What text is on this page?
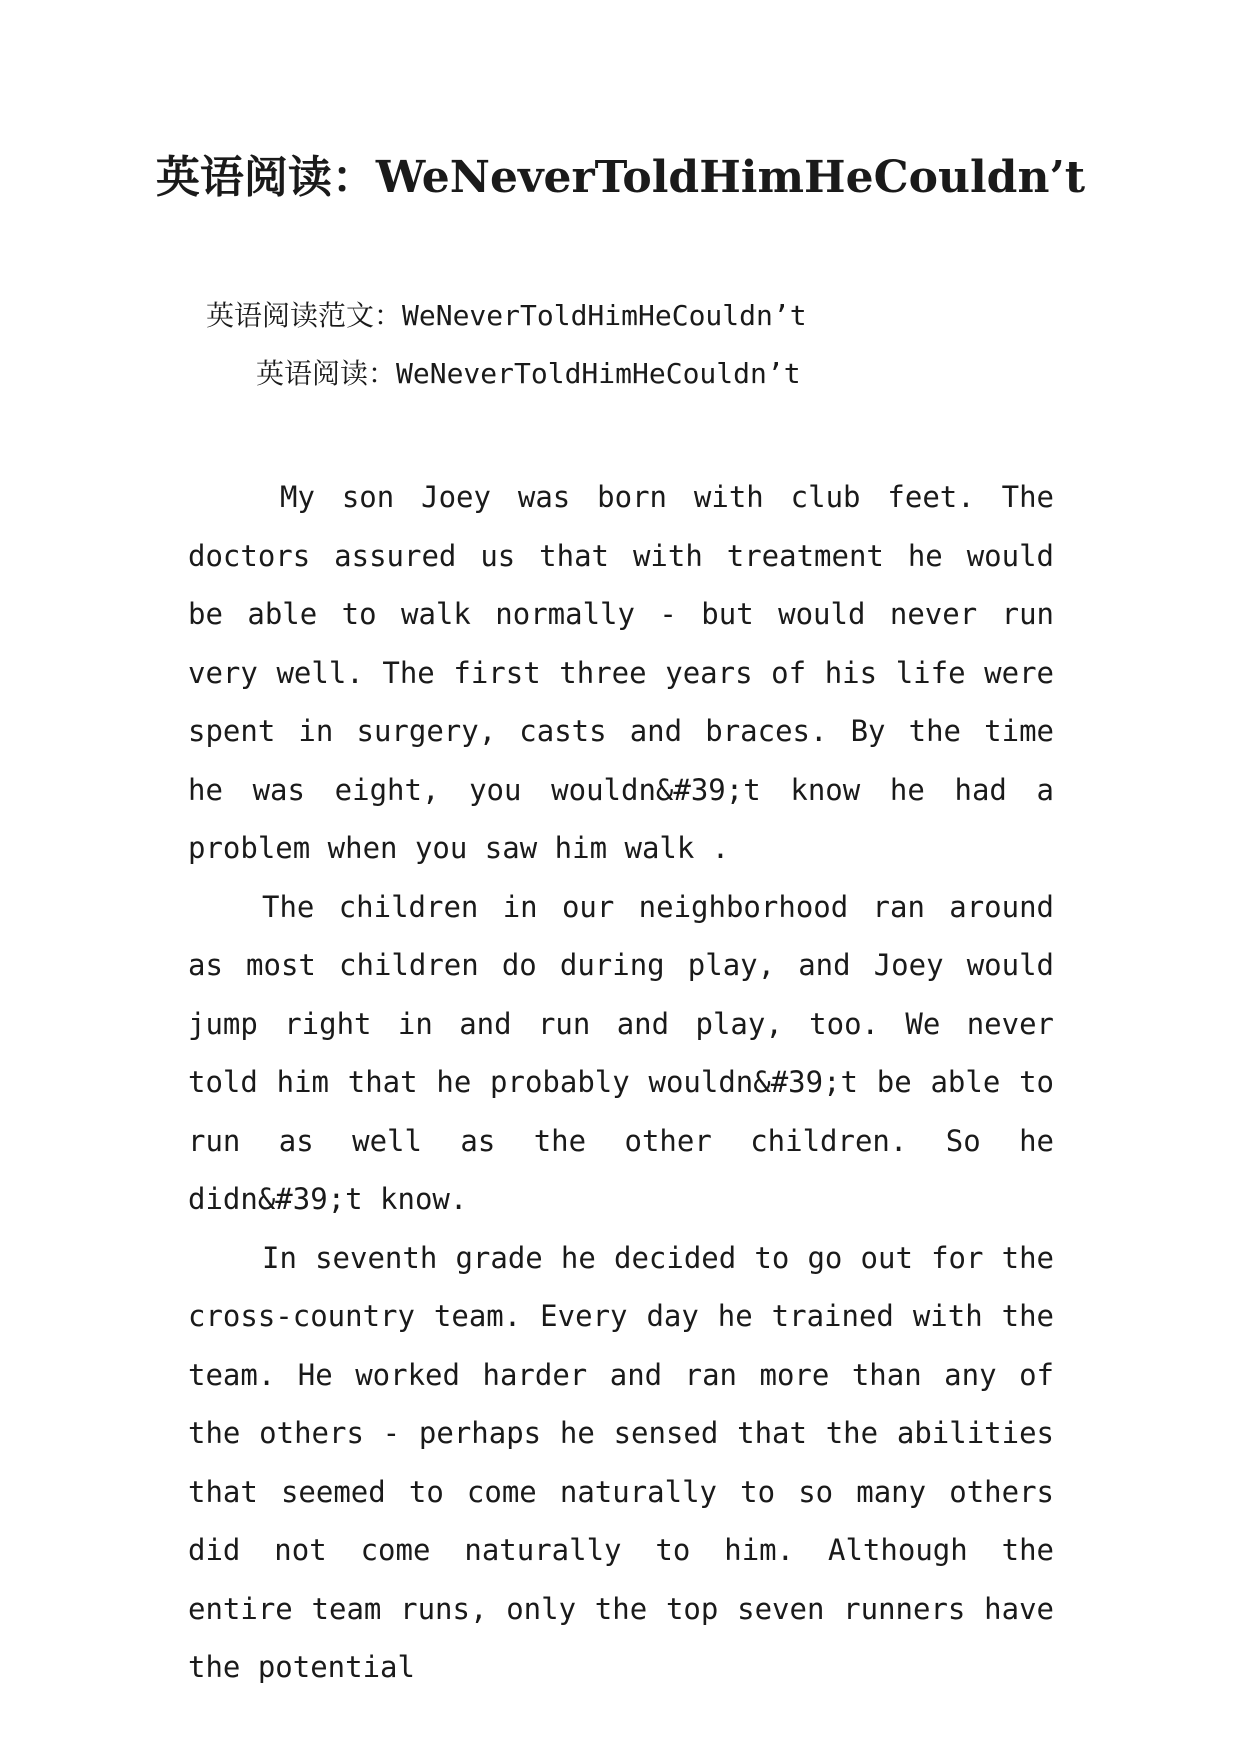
英语阅读：WeNeverToldHimHeCouldn’t
英语阅读范文：WeNeverToldHimHeCouldn’t
英语阅读：WeNeverToldHimHeCouldn’t

My son Joey was born with club feet. The doctors assured us that with treatment he would be able to walk normally - but would never run very well. The first three years of his life were spent in surgery, casts and braces. By the time he was eight, you wouldn&#39;t know he had a problem when you saw him walk .

The children in our neighborhood ran around as most children do during play, and Joey would jump right in and run and play, too. We never told him that he probably wouldn&#39;t be able to run as well as the other children. So he didn&#39;t know.

In seventh grade he decided to go out for the cross-country team. Every day he trained with the team. He worked harder and ran more than any of the others - perhaps he sensed that the abilities that seemed to come naturally to so many others did not come naturally to him. Although the entire team runs, only the top seven runners have the potential
